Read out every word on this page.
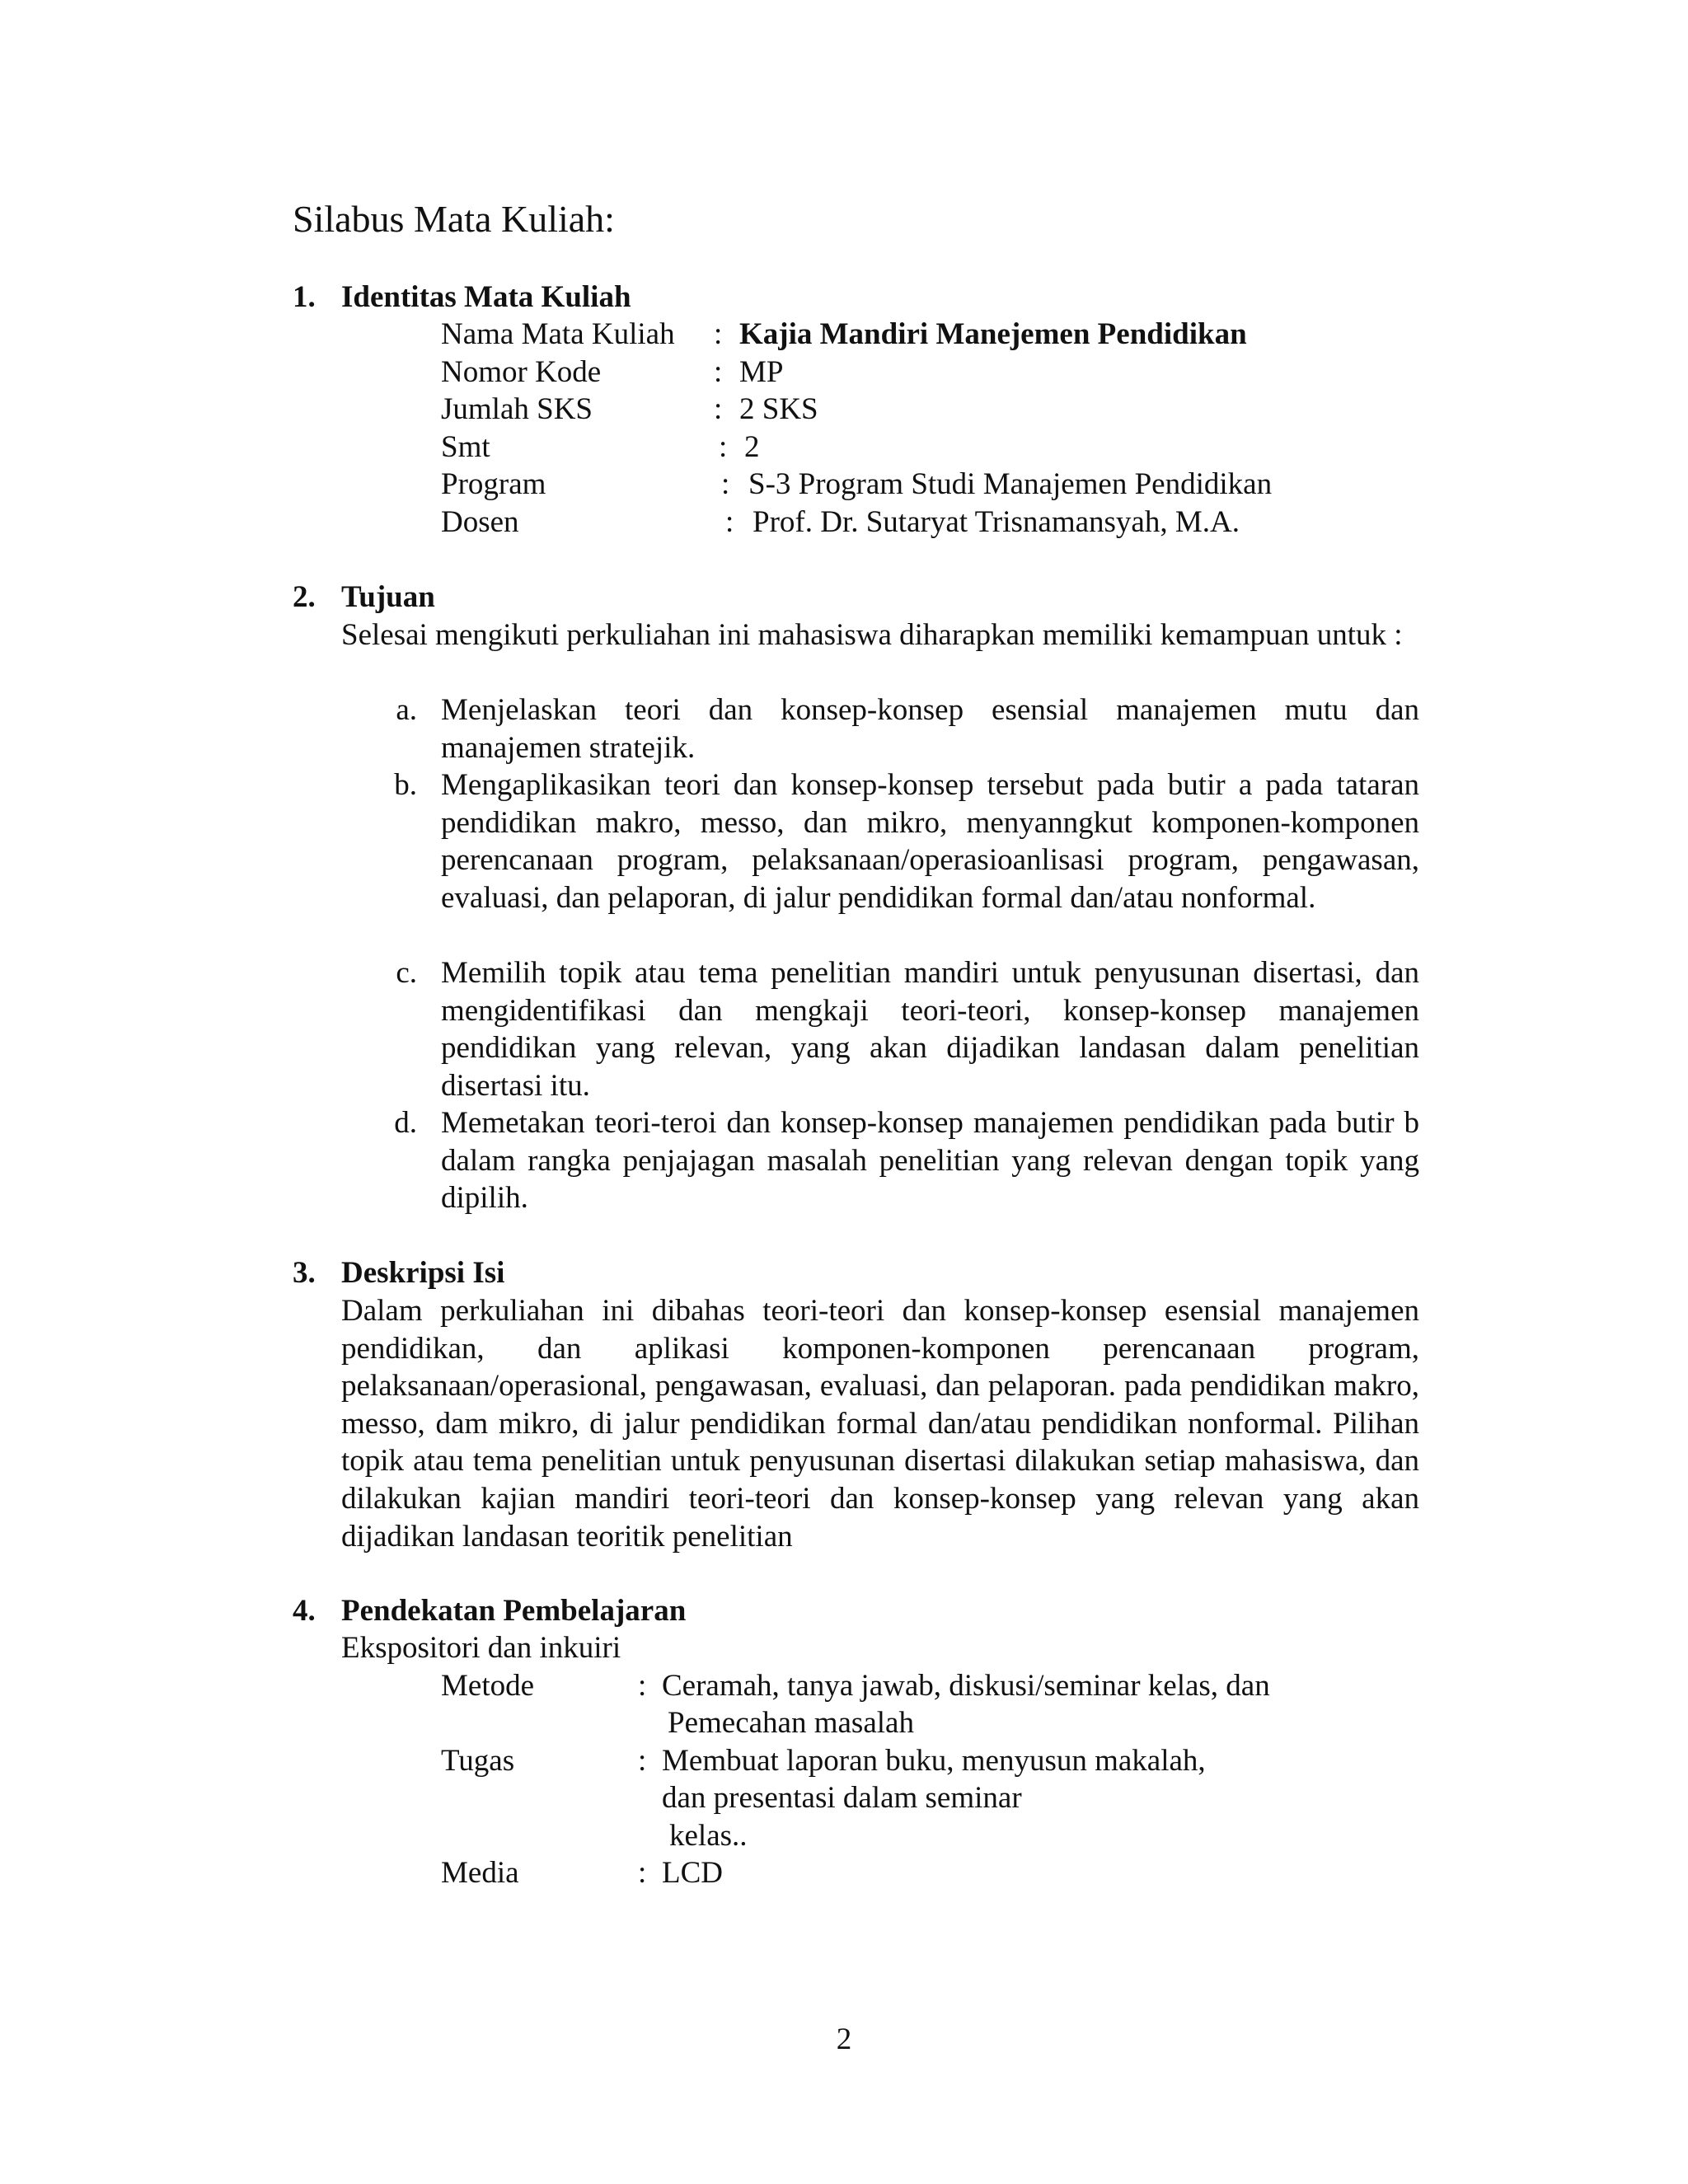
Silabus Mata Kuliah:
1. Identitas Mata Kuliah
Nama Mata Kuliah : Kajia Mandiri Manejemen Pendidikan
Nomor Kode	: MP
Jumlah SKS	: 2 SKS
Smt	: 2
Program	: S-3 Program Studi Manajemen Pendidikan
Dosen	: Prof. Dr. Sutaryat Trisnamansyah, M.A.
2. Tujuan
Selesai mengikuti perkuliahan ini mahasiswa diharapkan memiliki kemampuan untuk :
a. Menjelaskan teori dan konsep-konsep esensial manajemen mutu dan manajemen stratejik.
b. Mengaplikasikan teori dan konsep-konsep tersebut pada butir a pada tataran pendidikan makro, messo, dan mikro, menyanngkut komponen-komponen perencanaan program, pelaksanaan/operasioanlisasi program, pengawasan, evaluasi, dan pelaporan, di jalur pendidikan formal dan/atau nonformal.
c. Memilih topik atau tema penelitian mandiri untuk penyusunan disertasi, dan mengidentifikasi dan mengkaji teori-teori, konsep-konsep manajemen pendidikan yang relevan, yang akan dijadikan landasan dalam penelitian disertasi itu.
d. Memetakan teori-teroi dan konsep-konsep manajemen pendidikan pada butir b dalam rangka penjajagan masalah penelitian yang relevan dengan topik yang dipilih.
3. Deskripsi Isi
Dalam perkuliahan ini dibahas teori-teori dan konsep-konsep esensial manajemen pendidikan, dan aplikasi komponen-komponen perencanaan program, pelaksanaan/operasional, pengawasan, evaluasi, dan pelaporan. pada pendidikan makro, messo, dam mikro, di jalur pendidikan formal dan/atau pendidikan nonformal. Pilihan topik atau tema penelitian untuk penyusunan disertasi dilakukan setiap mahasiswa, dan dilakukan kajian mandiri teori-teori dan konsep-konsep yang relevan yang akan dijadikan landasan teoritik penelitian
4. Pendekatan Pembelajaran
Ekspositori dan inkuiri
Metode	: Ceramah, tanya jawab, diskusi/seminar kelas, dan
Pemecahan masalah
Tugas	: Membuat laporan buku, menyusun makalah,
dan presentasi dalam seminar
kelas..
Media	: LCD
2
